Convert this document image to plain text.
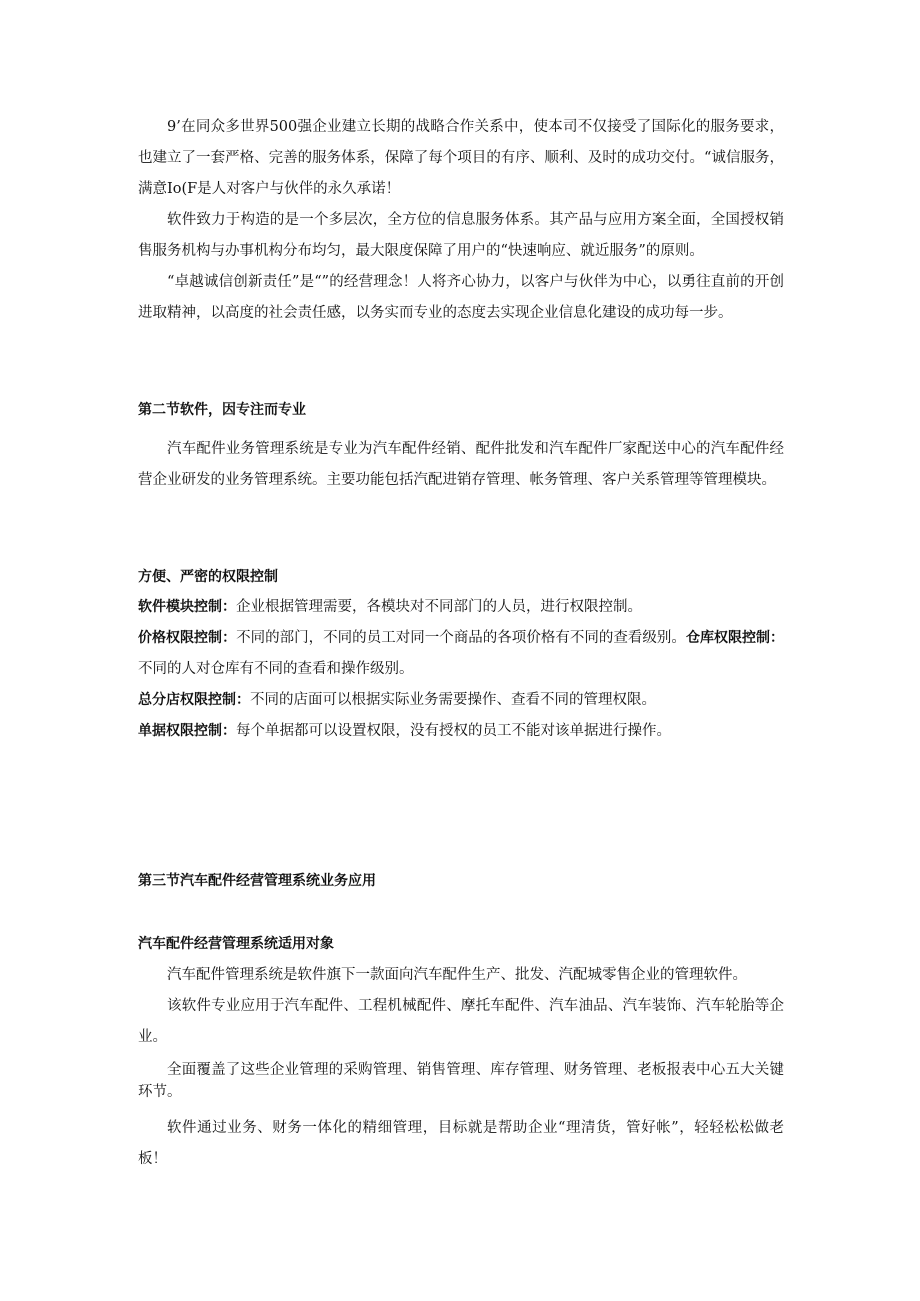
9’在同众多世界500强企业建立长期的战略合作关系中，使本司不仅接受了国际化的服务要求，也建立了一套严格、完善的服务体系，保障了每个项目的有序、顺利、及时的成功交付。“诚信服务，满意Io(F是人对客户与伙伴的永久承诺！

软件致力于构造的是一个多层次，全方位的信息服务体系。其产品与应用方案全面，全国授权销售服务机构与办事机构分布均匀，最大限度保障了用户的“快速响应、就近服务”的原则。

“卓越诚信创新责任”是“”的经营理念！人将齐心协力，以客户与伙伴为中心，以勇往直前的开创进取精神，以高度的社会责任感，以务实而专业的态度去实现企业信息化建设的成功每一步。

第二节软件，因专注而专业

汽车配件业务管理系统是专业为汽车配件经销、配件批发和汽车配件厂家配送中心的汽车配件经营企业研发的业务管理系统。主要功能包括汽配进销存管理、帐务管理、客户关系管理等管理模块。

方便、严密的权限控制

软件模块控制：企业根据管理需要，各模块对不同部门的人员，进行权限控制。

价格权限控制：不同的部门，不同的员工对同一个商品的各项价格有不同的查看级别。仓库权限控制：不同的人对仓库有不同的查看和操作级别。

总分店权限控制：不同的店面可以根据实际业务需要操作、查看不同的管理权限。

单据权限控制：每个单据都可以设置权限，没有授权的员工不能对该单据进行操作。

第三节汽车配件经营管理系统业务应用

汽车配件经营管理系统适用对象

汽车配件管理系统是软件旗下一款面向汽车配件生产、批发、汽配城零售企业的管理软件。

该软件专业应用于汽车配件、工程机械配件、摩托车配件、汽车油品、汽车装饰、汽车轮胎等企业。

全面覆盖了这些企业管理的采购管理、销售管理、库存管理、财务管理、老板报表中心五大关键环节。

软件通过业务、财务一体化的精细管理，目标就是帮助企业“理清货，管好帐”，轻轻松松做老板！
